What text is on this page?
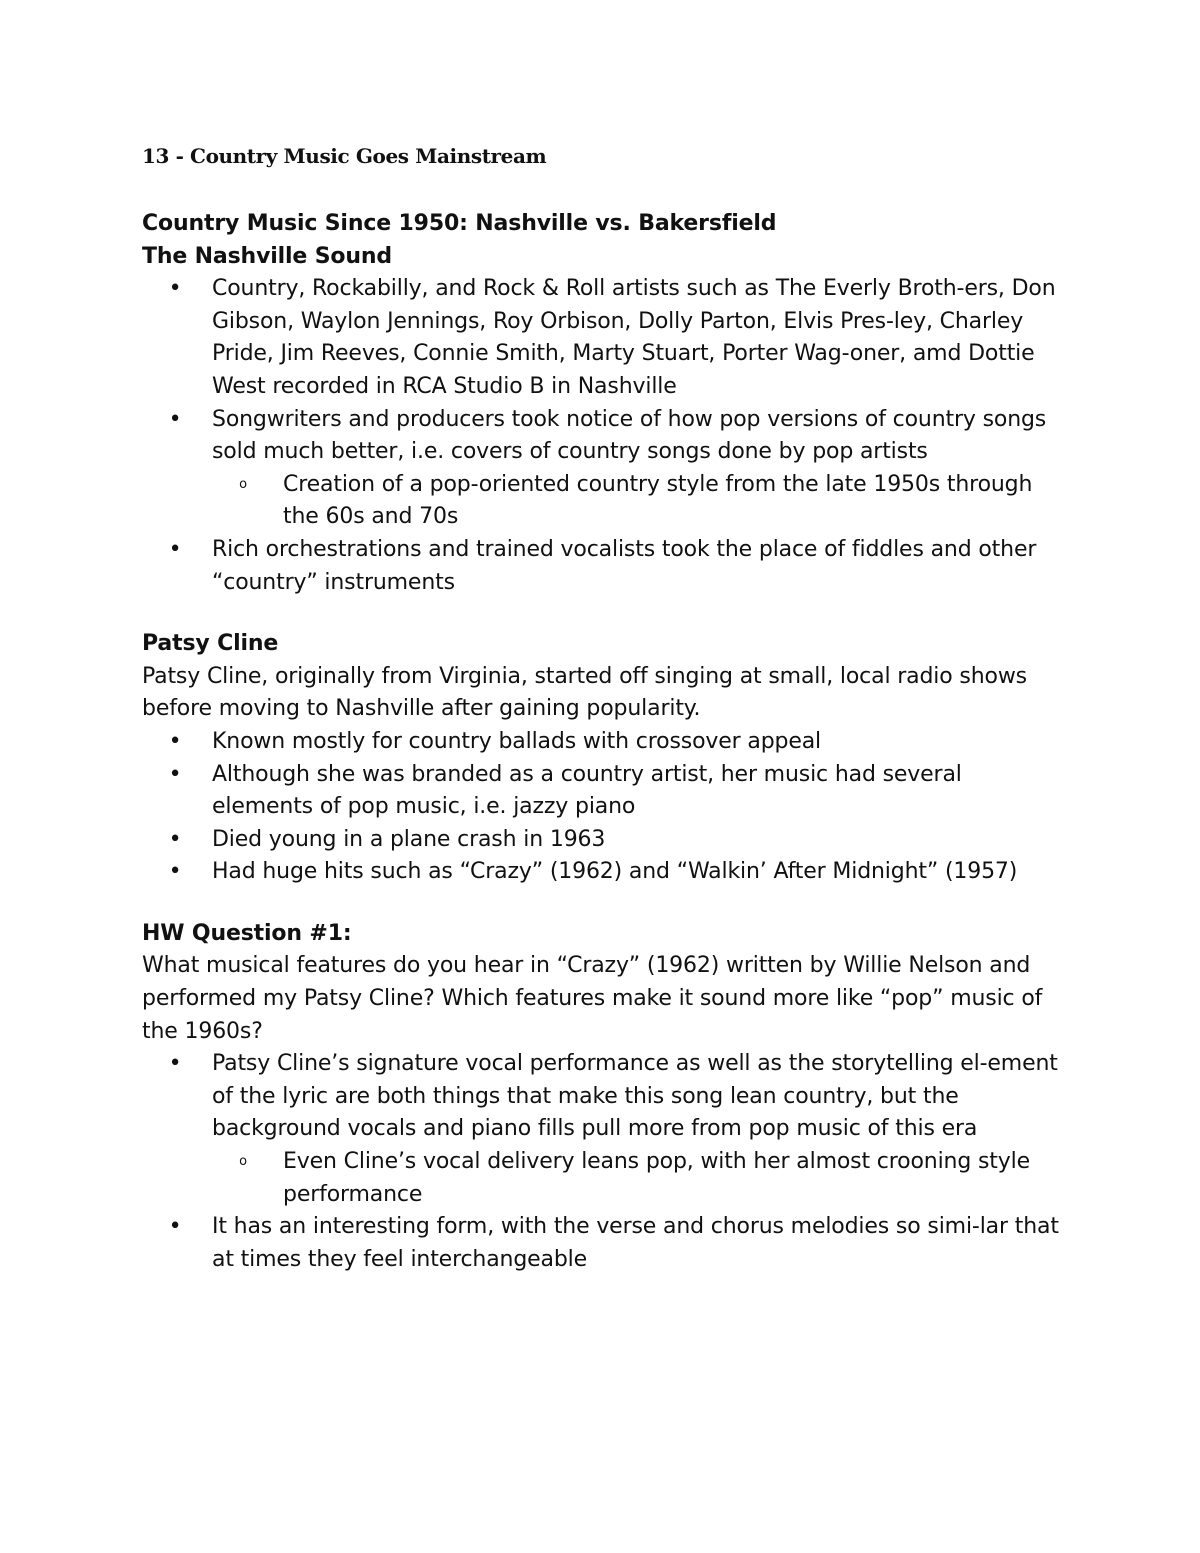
13 - Country Music Goes Mainstream

Country Music Since 1950: Nashville vs. Bakersfield

The Nashville Sound

• Country, Rockabilly, and Rock & Roll artists such as The Everly Broth-ers, Don Gibson, Waylon Jennings, Roy Orbison, Dolly Parton, Elvis Pres-ley, Charley Pride, Jim Reeves, Connie Smith, Marty Stuart, Porter Wag-oner, amd Dottie West recorded in RCA Studio B in Nashville
• Songwriters and producers took notice of how pop versions of country songs sold much better, i.e. covers of country songs done by pop artists
o Creation of a pop-oriented country style from the late 1950s through the 60s and 70s
• Rich orchestrations and trained vocalists took the place of fiddles and other “country” instruments

Patsy Cline

Patsy Cline, originally from Virginia, started off singing at small, local radio shows before moving to Nashville after gaining popularity.

• Known mostly for country ballads with crossover appeal
• Although she was branded as a country artist, her music had several elements of pop music, i.e. jazzy piano
• Died young in a plane crash in 1963
• Had huge hits such as “Crazy” (1962) and “Walkin’ After Midnight” (1957)

HW Question #1:

What musical features do you hear in “Crazy” (1962) written by Willie Nelson and performed my Patsy Cline? Which features make it sound more like “pop” music of the 1960s?

• Patsy Cline’s signature vocal performance as well as the storytelling el-ement of the lyric are both things that make this song lean country, but the background vocals and piano fills pull more from pop music of this era
o Even Cline’s vocal delivery leans pop, with her almost crooning style performance
• It has an interesting form, with the verse and chorus melodies so simi-lar that at times they feel interchangeable
